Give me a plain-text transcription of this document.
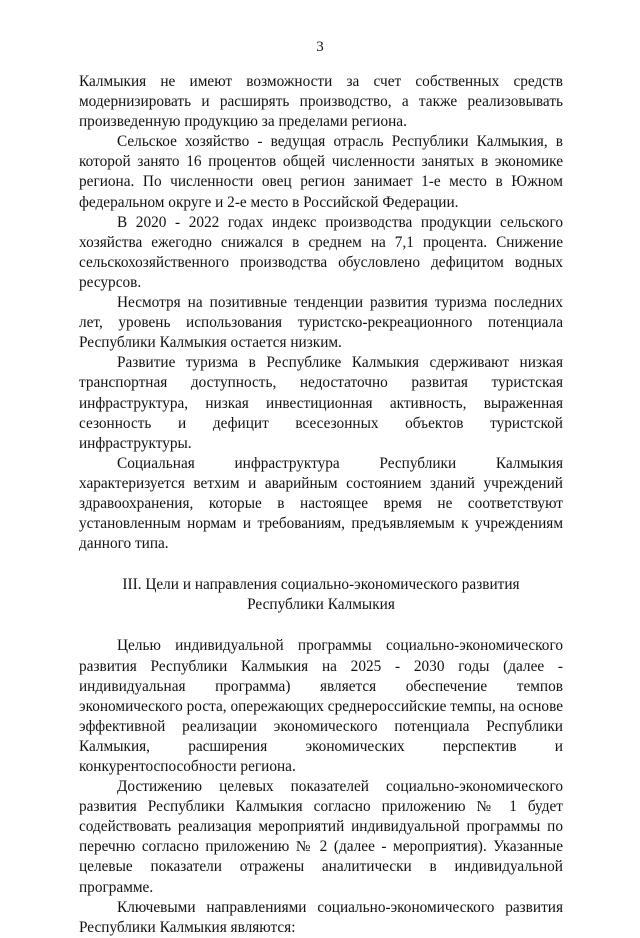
3

Калмыкия не имеют возможности за счет собственных средств модернизировать и расширять производство, а также реализовывать произведенную продукцию за пределами региона.

Сельское хозяйство - ведущая отрасль Республики Калмыкия, в которой занято 16 процентов общей численности занятых в экономике региона. По численности овец регион занимает 1-е место в Южном федеральном округе и 2-е место в Российской Федерации.

В 2020 - 2022 годах индекс производства продукции сельского хозяйства ежегодно снижался в среднем на 7,1 процента. Снижение сельскохозяйственного производства обусловлено дефицитом водных ресурсов.

Несмотря на позитивные тенденции развития туризма последних лет, уровень использования туристско-рекреационного потенциала Республики Калмыкия остается низким.

Развитие туризма в Республике Калмыкия сдерживают низкая транспортная доступность, недостаточно развитая туристская инфраструктура, низкая инвестиционная активность, выраженная сезонность и дефицит всесезонных объектов туристской инфраструктуры.

Социальная инфраструктура Республики Калмыкия характеризуется ветхим и аварийным состоянием зданий учреждений здравоохранения, которые в настоящее время не соответствуют установленным нормам и требованиям, предъявляемым к учреждениям данного типа.

III. Цели и направления социально-экономического развития
Республики Калмыкия

Целью индивидуальной программы социально-экономического развития Республики Калмыкия на 2025 - 2030 годы (далее - индивидуальная программа) является обеспечение темпов экономического роста, опережающих среднероссийские темпы, на основе эффективной реализации экономического потенциала Республики Калмыкия, расширения экономических перспектив и конкурентоспособности региона.

Достижению целевых показателей социально-экономического развития Республики Калмыкия согласно приложению № 1 будет содействовать реализация мероприятий индивидуальной программы по перечню согласно приложению № 2 (далее - мероприятия). Указанные целевые показатели отражены аналитически в индивидуальной программе.

Ключевыми направлениями социально-экономического развития Республики Калмыкия являются:
